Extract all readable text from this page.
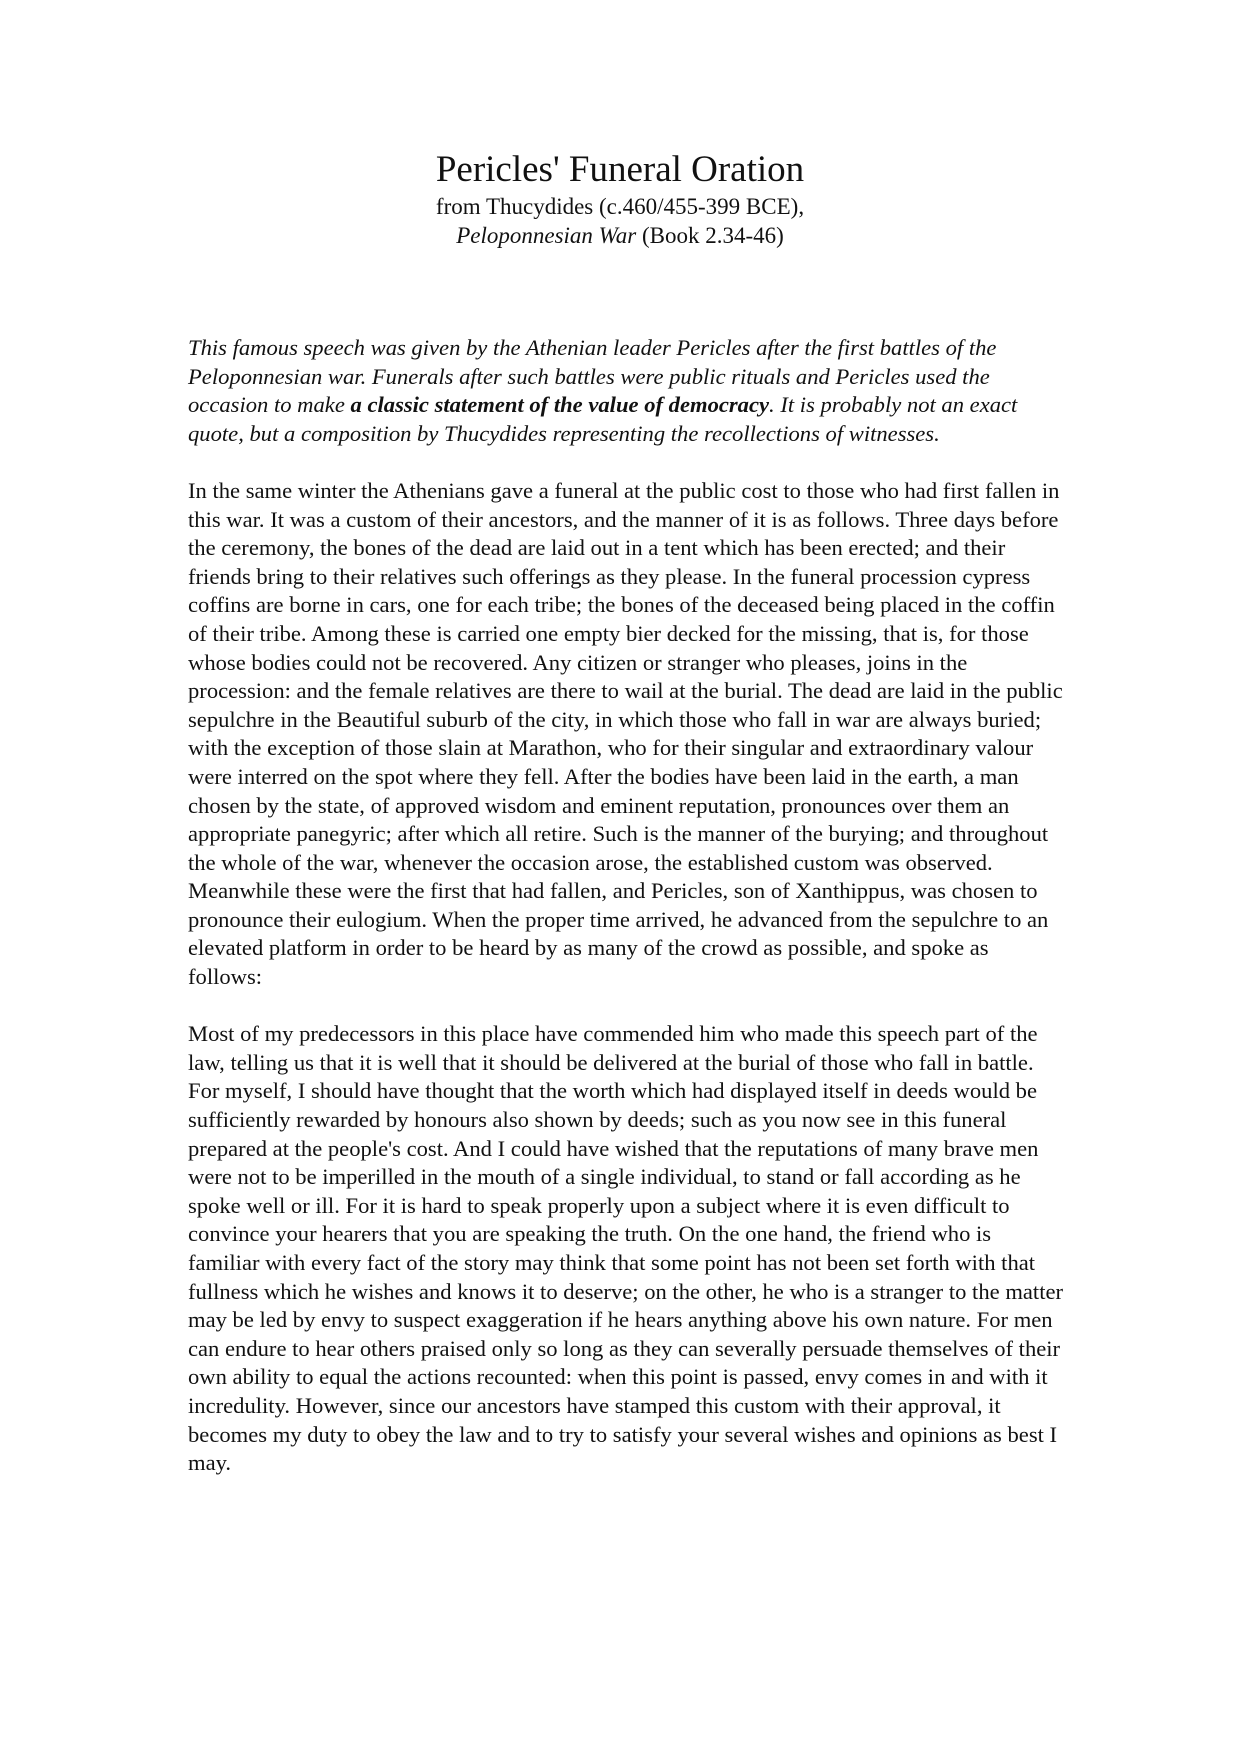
Pericles' Funeral Oration
from Thucydides (c.460/455-399 BCE),
Peloponnesian War (Book 2.34-46)

This famous speech was given by the Athenian leader Pericles after the first battles of the Peloponnesian war. Funerals after such battles were public rituals and Pericles used the occasion to make a classic statement of the value of democracy. It is probably not an exact quote, but a composition by Thucydides representing the recollections of witnesses.

In the same winter the Athenians gave a funeral at the public cost to those who had first fallen in this war. It was a custom of their ancestors, and the manner of it is as follows. Three days before the ceremony, the bones of the dead are laid out in a tent which has been erected; and their friends bring to their relatives such offerings as they please. In the funeral procession cypress coffins are borne in cars, one for each tribe; the bones of the deceased being placed in the coffin of their tribe. Among these is carried one empty bier decked for the missing, that is, for those whose bodies could not be recovered. Any citizen or stranger who pleases, joins in the procession: and the female relatives are there to wail at the burial. The dead are laid in the public sepulchre in the Beautiful suburb of the city, in which those who fall in war are always buried; with the exception of those slain at Marathon, who for their singular and extraordinary valour were interred on the spot where they fell. After the bodies have been laid in the earth, a man chosen by the state, of approved wisdom and eminent reputation, pronounces over them an appropriate panegyric; after which all retire. Such is the manner of the burying; and throughout the whole of the war, whenever the occasion arose, the established custom was observed. Meanwhile these were the first that had fallen, and Pericles, son of Xanthippus, was chosen to pronounce their eulogium. When the proper time arrived, he advanced from the sepulchre to an elevated platform in order to be heard by as many of the crowd as possible, and spoke as follows:

Most of my predecessors in this place have commended him who made this speech part of the law, telling us that it is well that it should be delivered at the burial of those who fall in battle. For myself, I should have thought that the worth which had displayed itself in deeds would be sufficiently rewarded by honours also shown by deeds; such as you now see in this funeral prepared at the people's cost. And I could have wished that the reputations of many brave men were not to be imperilled in the mouth of a single individual, to stand or fall according as he spoke well or ill. For it is hard to speak properly upon a subject where it is even difficult to convince your hearers that you are speaking the truth. On the one hand, the friend who is familiar with every fact of the story may think that some point has not been set forth with that fullness which he wishes and knows it to deserve; on the other, he who is a stranger to the matter may be led by envy to suspect exaggeration if he hears anything above his own nature. For men can endure to hear others praised only so long as they can severally persuade themselves of their own ability to equal the actions recounted: when this point is passed, envy comes in and with it incredulity. However, since our ancestors have stamped this custom with their approval, it becomes my duty to obey the law and to try to satisfy your several wishes and opinions as best I may.
